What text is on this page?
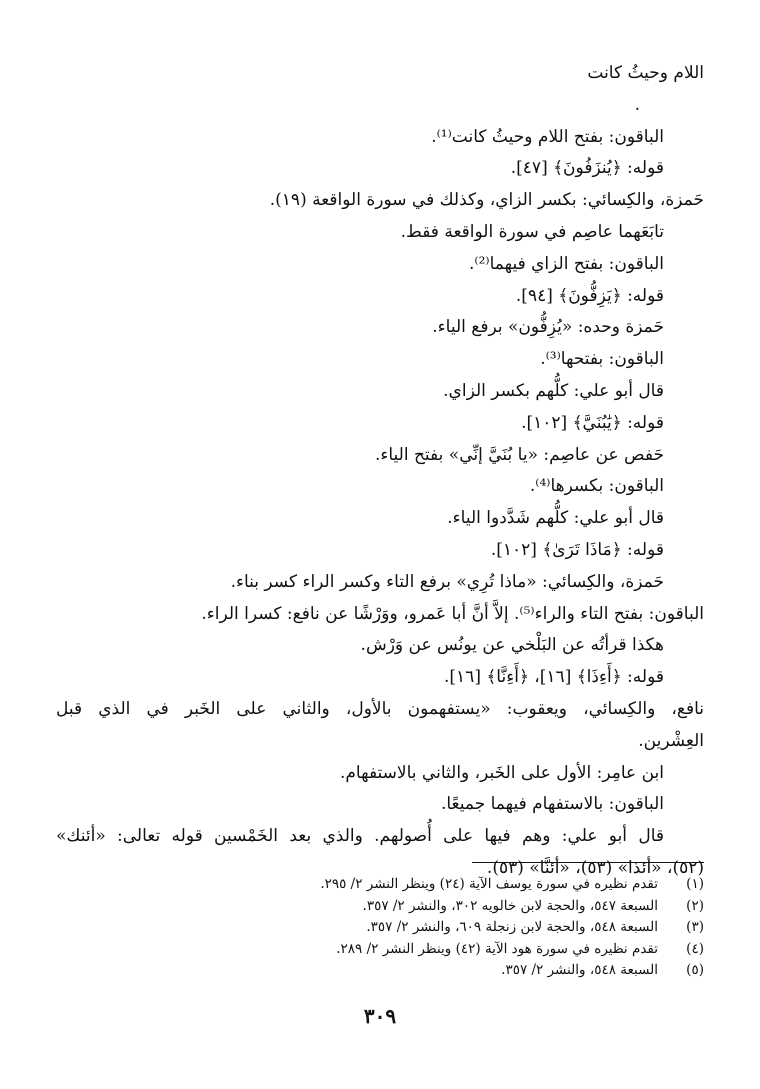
اللام وحيثُ كانت
.
الباقون: بفتح اللام وحيثُ كانت⁽¹⁾.
قوله: ﴿يُنزَفُونَ﴾ [٤٧].
حَمزة، والكِسائي: بكسر الزاي، وكذلك في سورة الواقعة (١٩).
تابَعَهما عاصِم في سورة الواقعة فقط.
الباقون: بفتح الزاي فيهما⁽²⁾.
قوله: ﴿يَزِفُّونَ﴾ [٩٤].
حَمزة وحده: «يُزِفُّون» برفع الياء.
الباقون: بفتحها⁽³⁾.
قال أبو علي: كلُّهم بكسر الزاي.
قوله: ﴿يَٰبُنَيَّ﴾ [١٠٢].
حَفص عن عاصِم: «يا بُنَيَّ إنِّي» بفتح الياء.
الباقون: بكسرها⁽⁴⁾.
قال أبو علي: كلُّهم شَدَّدوا الياء.
قوله: ﴿مَاذَا تَرَىٰ﴾ [١٠٢].
حَمزة، والكِسائي: «ماذا تُرِي» برفع التاء وكسر الراء كسر بناء.
الباقون: بفتح التاء والراء⁽⁵⁾. إلاَّ أنَّ أبا عَمرو، ووَرْشًا عن نافع: كسرا الراء.
هكذا قرأتُه عن البَلْخي عن يونُس عن وَرْش.
قوله: ﴿أَءِذَا﴾ [١٦]، ﴿أَءِنَّا﴾ [١٦].
نافع، والكِسائي، ويعقوب: «يستفهمون بالأول، والثاني على الخَبر في الذي قبل
العِشْرين.
ابن عامِر: الأول على الخَبر، والثاني بالاستفهام.
الباقون: بالاستفهام فيهما جميعًا.
قال أبو علي: وهم فيها على أُصولهم. والذي بعد الخَمْسين قوله تعالى: «أئنك»
(٥٢)، «أئذا» (٥٣)، «أئنَّا» (٥٣).
(١)
تقدم نظيره في سورة يوسف الآية (٢٤) وينظر النشر ٢/ ٢٩٥.
(٢)
السبعة ٥٤٧، والحجة لابن خالويه ٣٠٢، والنشر ٢/ ٣٥٧.
(٣)
السبعة ٥٤٨، والحجة لابن زنجلة ٦٠٩، والنشر ٢/ ٣٥٧.
(٤)
تقدم نظيره في سورة هود الآية (٤٢) وينظر النشر ٢/ ٢٨٩.
(٥)
السبعة ٥٤٨، والنشر ٢/ ٣٥٧.
٣٠٩
